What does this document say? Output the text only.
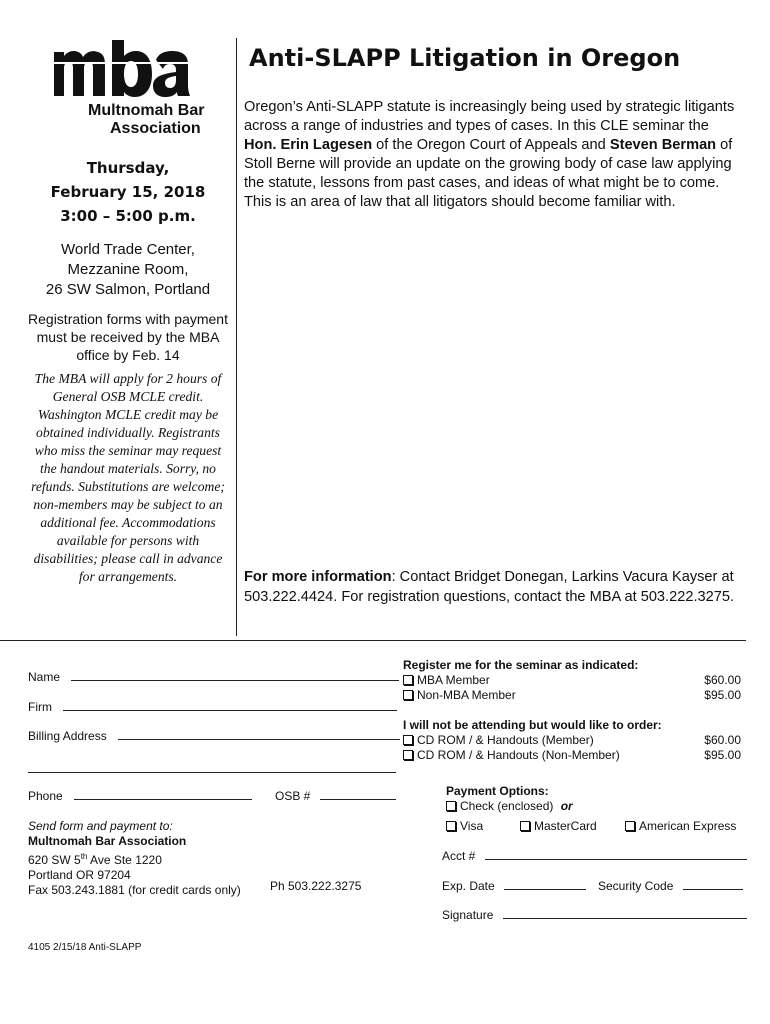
Multnomah Bar
Association
Thursday,
February 15, 2018
3:00 – 5:00 p.m.
World Trade Center,
Mezzanine Room,
26 SW Salmon, Portland
Registration forms with payment must be received by the MBA office by Feb. 14
The MBA will apply for 2 hours of General OSB MCLE credit. Washington MCLE credit may be obtained individually. Registrants who miss the seminar may request the handout materials. Sorry, no refunds. Substitutions are welcome; non-members may be subject to an additional fee. Accommodations available for persons with disabilities; please call in advance for arrangements.
Anti-SLAPP Litigation in Oregon
Oregon’s Anti-SLAPP statute is increasingly being used by strategic litigants across a range of industries and types of cases. In this CLE seminar the Hon. Erin Lagesen of the Oregon Court of Appeals and Steven Berman of Stoll Berne will provide an update on the growing body of case law applying the statute, lessons from past cases, and ideas of what might be to come. This is an area of law that all litigators should become familiar with.
For more information: Contact Bridget Donegan, Larkins Vacura Kayser at 503.222.4424. For registration questions, contact the MBA at 503.222.3275.
Name
Firm
Billing Address
Phone	OSB #
Send form and payment to:
Multnomah Bar Association
620 SW 5th Ave Ste 1220
Portland OR 97204
Fax 503.243.1881 (for credit cards only) Ph 503.222.3275
Register me for the seminar as indicated:
MBA Member	$60.00
Non-MBA Member	$95.00
I will not be attending but would like to order:
CD ROM / & Handouts (Member)	$60.00
CD ROM / & Handouts (Non-Member)	$95.00
Payment Options:
Check (enclosed) or
Visa	MasterCard	American Express
Acct #
Exp. Date	Security Code
Signature
4105 2/15/18 Anti-SLAPP
